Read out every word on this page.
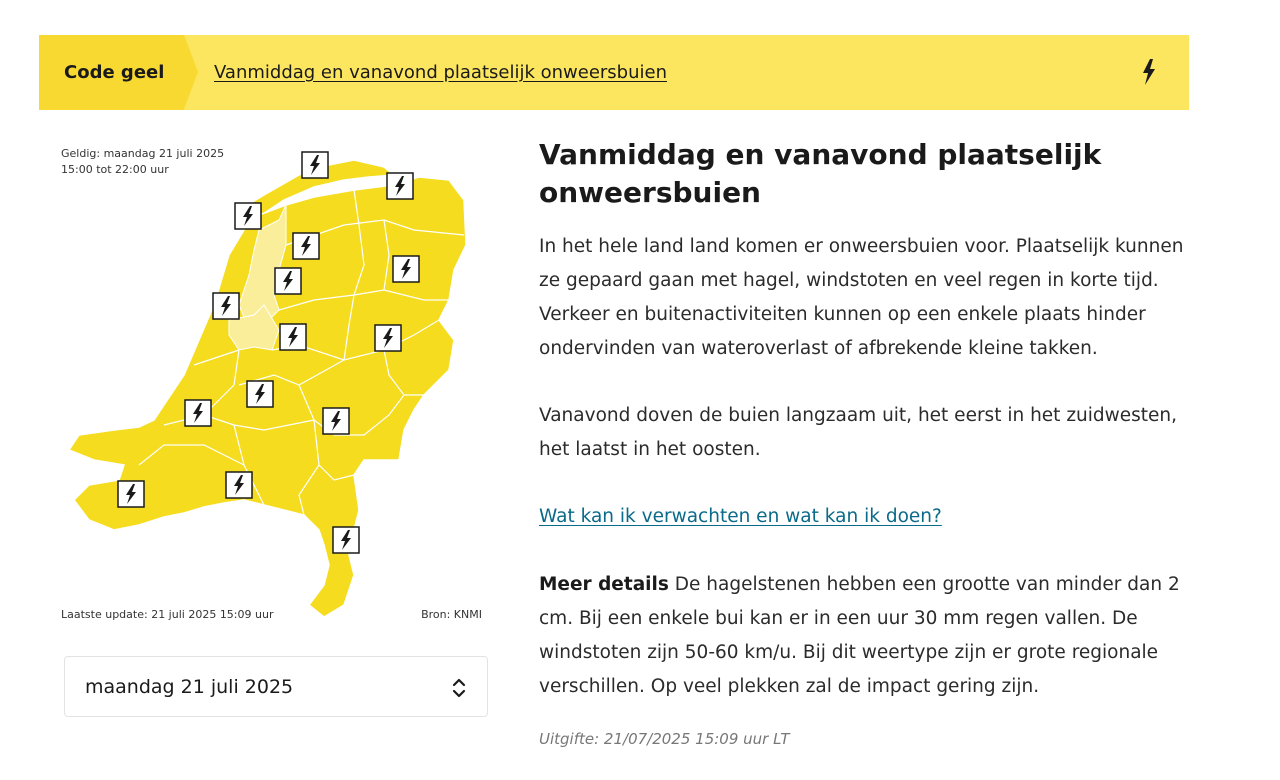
Code geel	Vanmiddag en vanavond plaatselijk onweersbuien
Geldig: maandag 21 juli 2025
15:00 tot 22:00 uur
Laatste update: 21 juli 2025 15:09 uur	Bron: KNMI
maandag 21 juli 2025
Vanmiddag en vanavond plaatselijk onweersbuien

In het hele land land komen er onweersbuien voor. Plaatselijk kunnen ze gepaard gaan met hagel, windstoten en veel regen in korte tijd. Verkeer en buitenactiviteiten kunnen op een enkele plaats hinder ondervinden van wateroverlast of afbrekende kleine takken.

Vanavond doven de buien langzaam uit, het eerst in het zuidwesten, het laatst in het oosten.

Wat kan ik verwachten en wat kan ik doen?

Meer details De hagelstenen hebben een grootte van minder dan 2 cm. Bij een enkele bui kan er in een uur 30 mm regen vallen. De windstoten zijn 50-60 km/u. Bij dit weertype zijn er grote regionale verschillen. Op veel plekken zal de impact gering zijn.

Uitgifte: 21/07/2025 15:09 uur LT
